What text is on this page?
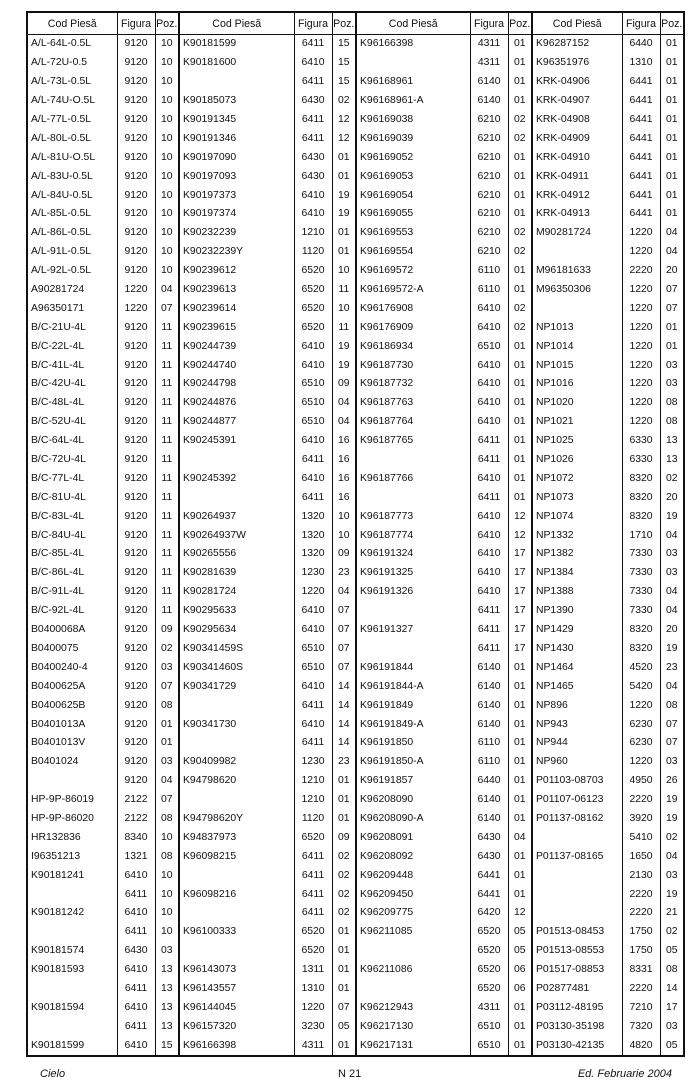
Cod Piesă	Figura	Poz.	Cod Piesă	Figura	Poz.	Cod Piesă	Figura	Poz.	Cod Piesă	Figura	Poz.
A/L-64L-0.5L	9120	10	K90181599	6411	15	K96166398	4311	01	K96287152	6440	01
A/L-72U-0.5	9120	10	K90181600	6410	15		4311	01	K96351976	1310	01
A/L-73L-0.5L	9120	10		6411	15	K96168961	6140	01	KRK-04906	6441	01
A/L-74U-O.5L	9120	10	K90185073	6430	02	K96168961-A	6140	01	KRK-04907	6441	01
A/L-77L-0.5L	9120	10	K90191345	6411	12	K96169038	6210	02	KRK-04908	6441	01
A/L-80L-0.5L	9120	10	K90191346	6411	12	K96169039	6210	02	KRK-04909	6441	01
A/L-81U-O.5L	9120	10	K90197090	6430	01	K96169052	6210	01	KRK-04910	6441	01
A/L-83U-0.5L	9120	10	K90197093	6430	01	K96169053	6210	01	KRK-04911	6441	01
A/L-84U-0.5L	9120	10	K90197373	6410	19	K96169054	6210	01	KRK-04912	6441	01
A/L-85L-0.5L	9120	10	K90197374	6410	19	K96169055	6210	01	KRK-04913	6441	01
A/L-86L-0.5L	9120	10	K90232239	1210	01	K96169553	6210	02	M90281724	1220	04
A/L-91L-0.5L	9120	10	K90232239Y	1120	01	K96169554	6210	02		1220	04
A/L-92L-0.5L	9120	10	K90239612	6520	10	K96169572	6110	01	M96181633	2220	20
A90281724	1220	04	K90239613	6520	11	K96169572-A	6110	01	M96350306	1220	07
A96350171	1220	07	K90239614	6520	10	K96176908	6410	02		1220	07
B/C-21U-4L	9120	11	K90239615	6520	11	K96176909	6410	02	NP1013	1220	01
B/C-22L-4L	9120	11	K90244739	6410	19	K96186934	6510	01	NP1014	1220	01
B/C-41L-4L	9120	11	K90244740	6410	19	K96187730	6410	01	NP1015	1220	03
B/C-42U-4L	9120	11	K90244798	6510	09	K96187732	6410	01	NP1016	1220	03
B/C-48L-4L	9120	11	K90244876	6510	04	K96187763	6410	01	NP1020	1220	08
B/C-52U-4L	9120	11	K90244877	6510	04	K96187764	6410	01	NP1021	1220	08
B/C-64L-4L	9120	11	K90245391	6410	16	K96187765	6411	01	NP1025	6330	13
B/C-72U-4L	9120	11		6411	16		6411	01	NP1026	6330	13
B/C-77L-4L	9120	11	K90245392	6410	16	K96187766	6410	01	NP1072	8320	02
B/C-81U-4L	9120	11		6411	16		6411	01	NP1073	8320	20
B/C-83L-4L	9120	11	K90264937	1320	10	K96187773	6410	12	NP1074	8320	19
B/C-84U-4L	9120	11	K90264937W	1320	10	K96187774	6410	12	NP1332	1710	04
B/C-85L-4L	9120	11	K90265556	1320	09	K96191324	6410	17	NP1382	7330	03
B/C-86L-4L	9120	11	K90281639	1230	23	K96191325	6410	17	NP1384	7330	03
B/C-91L-4L	9120	11	K90281724	1220	04	K96191326	6410	17	NP1388	7330	04
B/C-92L-4L	9120	11	K90295633	6410	07		6411	17	NP1390	7330	04
B0400068A	9120	09	K90295634	6410	07	K96191327	6411	17	NP1429	8320	20
B0400075	9120	02	K90341459S	6510	07		6411	17	NP1430	8320	19
B0400240-4	9120	03	K90341460S	6510	07	K96191844	6140	01	NP1464	4520	23
B0400625A	9120	07	K90341729	6410	14	K96191844-A	6140	01	NP1465	5420	04
B0400625B	9120	08		6411	14	K96191849	6140	01	NP896	1220	08
B0401013A	9120	01	K90341730	6410	14	K96191849-A	6140	01	NP943	6230	07
B0401013V	9120	01		6411	14	K96191850	6110	01	NP944	6230	07
B0401024	9120	03	K90409982	1230	23	K96191850-A	6110	01	NP960	1220	03
	9120	04	K94798620	1210	01	K96191857	6440	01	P01103-08703	4950	26
HP-9P-86019	2122	07		1210	01	K96208090	6140	01	P01107-06123	2220	19
HP-9P-86020	2122	08	K94798620Y	1120	01	K96208090-A	6140	01	P01137-08162	3920	19
HR132836	8340	10	K94837973	6520	09	K96208091	6430	04		5410	02
I96351213	1321	08	K96098215	6411	02	K96208092	6430	01	P01137-08165	1650	04
K90181241	6410	10		6411	02	K96209448	6441	01		2130	03
	6411	10	K96098216	6411	02	K96209450	6441	01		2220	19
K90181242	6410	10		6411	02	K96209775	6420	12		2220	21
	6411	10	K96100333	6520	01	K96211085	6520	05	P01513-08453	1750	02
K90181574	6430	03		6520	01		6520	05	P01513-08553	1750	05
K90181593	6410	13	K96143073	1311	01	K96211086	6520	06	P01517-08853	8331	08
	6411	13	K96143557	1310	01		6520	06	P02877481	2220	14
K90181594	6410	13	K96144045	1220	07	K96212943	4311	01	P03112-48195	7210	17
	6411	13	K96157320	3230	05	K96217130	6510	01	P03130-35198	7320	03
K90181599	6410	15	K96166398	4311	01	K96217131	6510	01	P03130-42135	4820	05
Cielo	N 21	Ed. Februarie 2004
